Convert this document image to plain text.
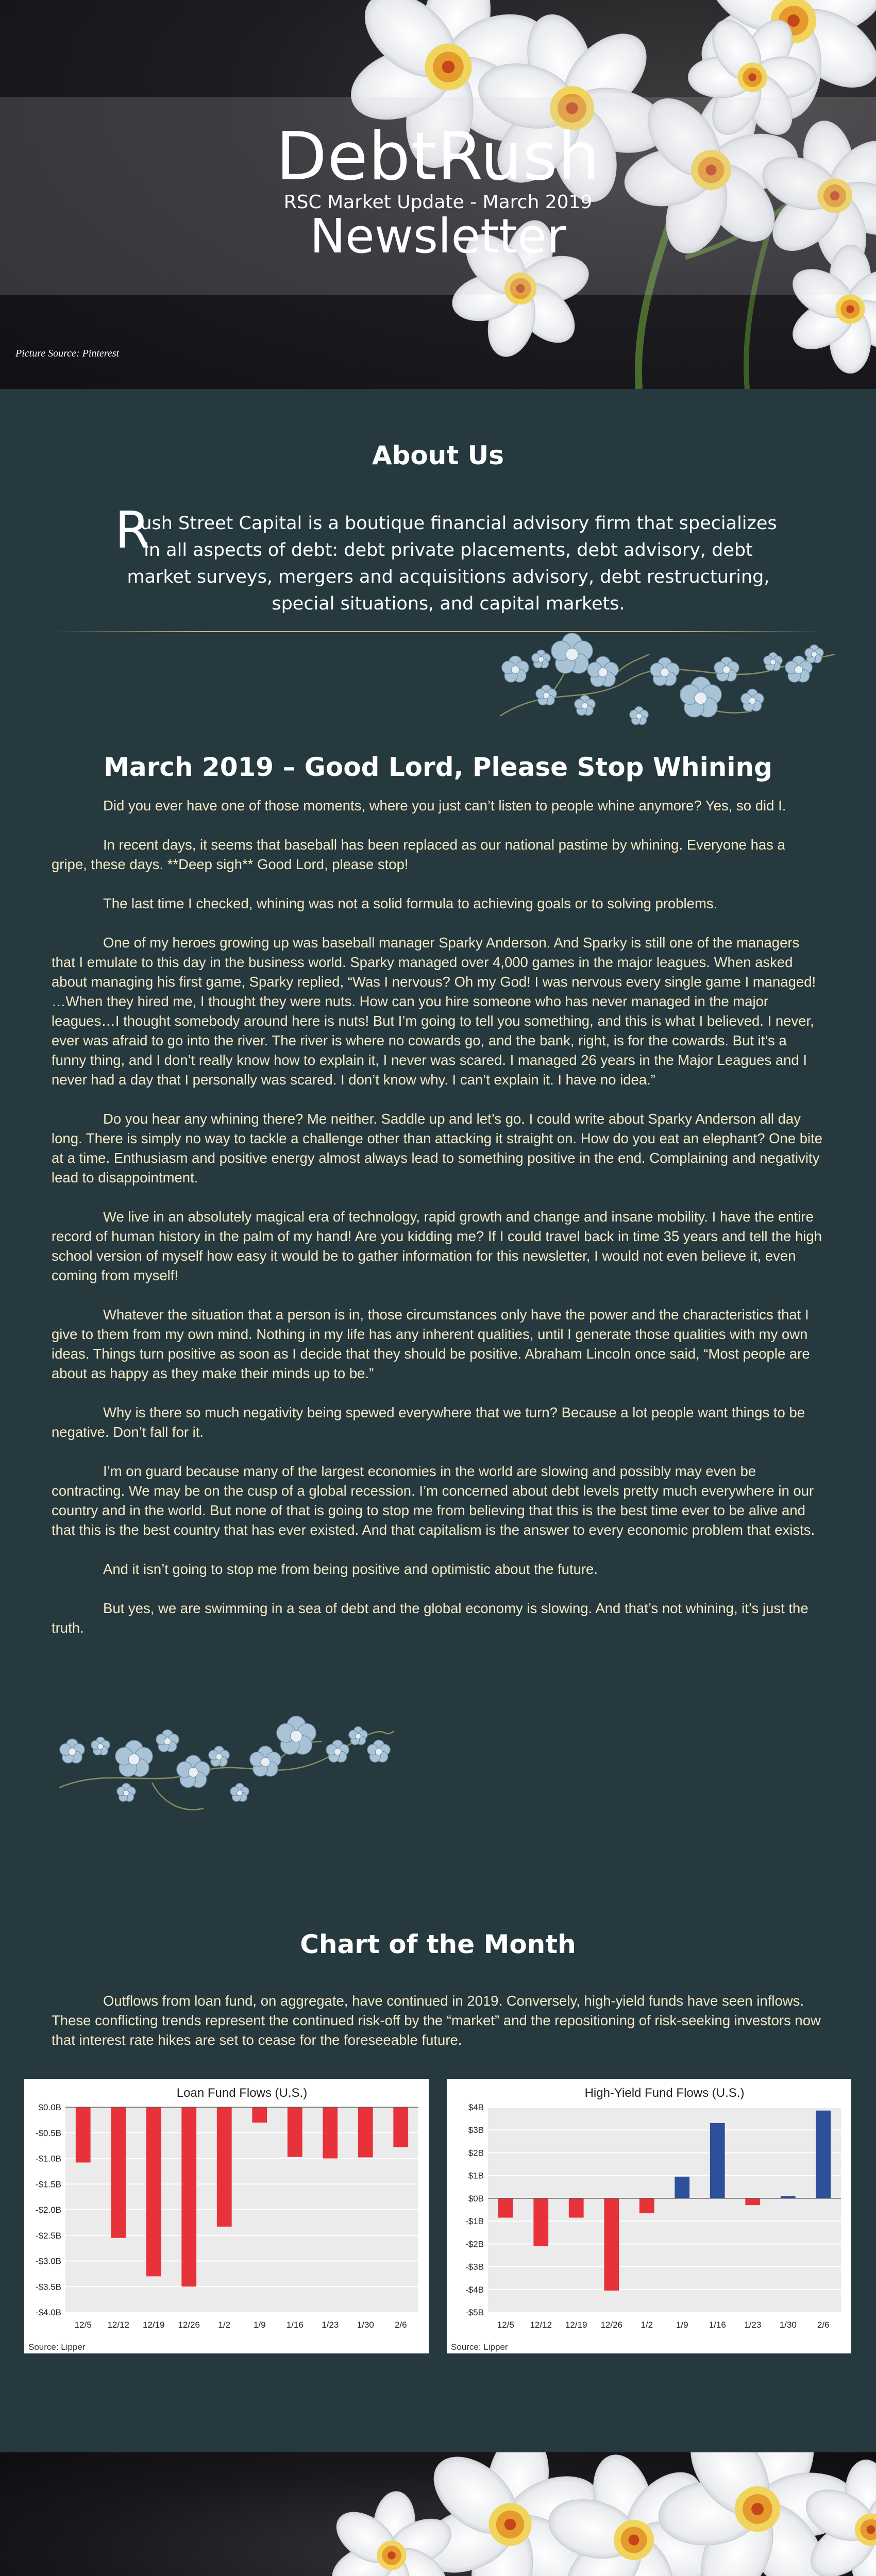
DebtRush
RSC Market Update - March 2019
Newsletter
Picture Source: Pinterest
About Us
R
ush Street Capital is a boutique financial advisory firm that specializes in all aspects of debt: debt private placements, debt advisory, debt market surveys, mergers and acquisitions advisory, debt restructuring, special situations, and capital markets.
March 2019 – Good Lord, Please Stop Whining

Did you ever have one of those moments, where you just can’t listen to people whine anymore? Yes, so did I.

In recent days, it seems that baseball has been replaced as our national pastime by whining. Everyone has a gripe, these days. **Deep sigh** Good Lord, please stop!

The last time I checked, whining was not a solid formula to achieving goals or to solving problems.

One of my heroes growing up was baseball manager Sparky Anderson. And Sparky is still one of the managers that I emulate to this day in the business world. Sparky managed over 4,000 games in the major leagues. When asked about managing his first game, Sparky replied, “Was I nervous? Oh my God! I was nervous every single game I managed! …When they hired me, I thought they were nuts. How can you hire someone who has never managed in the major leagues…I thought somebody around here is nuts! But I’m going to tell you something, and this is what I believed. I never, ever was afraid to go into the river. The river is where no cowards go, and the bank, right, is for the cowards. But it’s a funny thing, and I don’t really know how to explain it, I never was scared. I managed 26 years in the Major Leagues and I never had a day that I personally was scared. I don’t know why. I can’t explain it. I have no idea.”

Do you hear any whining there? Me neither. Saddle up and let’s go. I could write about Sparky Anderson all day long. There is simply no way to tackle a challenge other than attacking it straight on. How do you eat an elephant? One bite at a time. Enthusiasm and positive energy almost always lead to something positive in the end. Complaining and negativity lead to disappointment.

We live in an absolutely magical era of technology, rapid growth and change and insane mobility. I have the entire record of human history in the palm of my hand! Are you kidding me? If I could travel back in time 35 years and tell the high school version of myself how easy it would be to gather information for this newsletter, I would not even believe it, even coming from myself!

Whatever the situation that a person is in, those circumstances only have the power and the characteristics that I give to them from my own mind. Nothing in my life has any inherent qualities, until I generate those qualities with my own ideas. Things turn positive as soon as I decide that they should be positive. Abraham Lincoln once said, “Most people are about as happy as they make their minds up to be.”

Why is there so much negativity being spewed everywhere that we turn? Because a lot people want things to be negative. Don’t fall for it.

I’m on guard because many of the largest economies in the world are slowing and possibly may even be contracting. We may be on the cusp of a global recession. I’m concerned about debt levels pretty much everywhere in our country and in the world. But none of that is going to stop me from believing that this is the best time ever to be alive and that this is the best country that has ever existed. And that capitalism is the answer to every economic problem that exists.

And it isn’t going to stop me from being positive and optimistic about the future.

But yes, we are swimming in a sea of debt and the global economy is slowing. And that’s not whining, it’s just the truth.

Chart of the Month
Outflows from loan fund, on aggregate, have continued in 2019. Conversely, high-yield funds have seen inflows. These conflicting trends represent the continued risk-off by the “market” and the repositioning of risk-seeking investors now that interest rate hikes are set to cease for the foreseeable future.
$0.0B
-$0.5B
-$1.0B
-$1.5B
-$2.0B
-$2.5B
-$3.0B
-$3.5B
-$4.0B
Loan Fund Flows (U.S.)
12/5 12/12 12/19 12/26 1/2	1/9 1/16 1/23 1/30 2/6
Source: Lipper
$4B
$3B
$2B
$1B
$0B
-$1B
-$2B
-$3B
-$4B
-$5B
High-Yield Fund Flows (U.S.)
12/5 12/12 12/19 12/26 1/2	1/9 1/16 1/23 1/30 2/6
Source: Lipper
